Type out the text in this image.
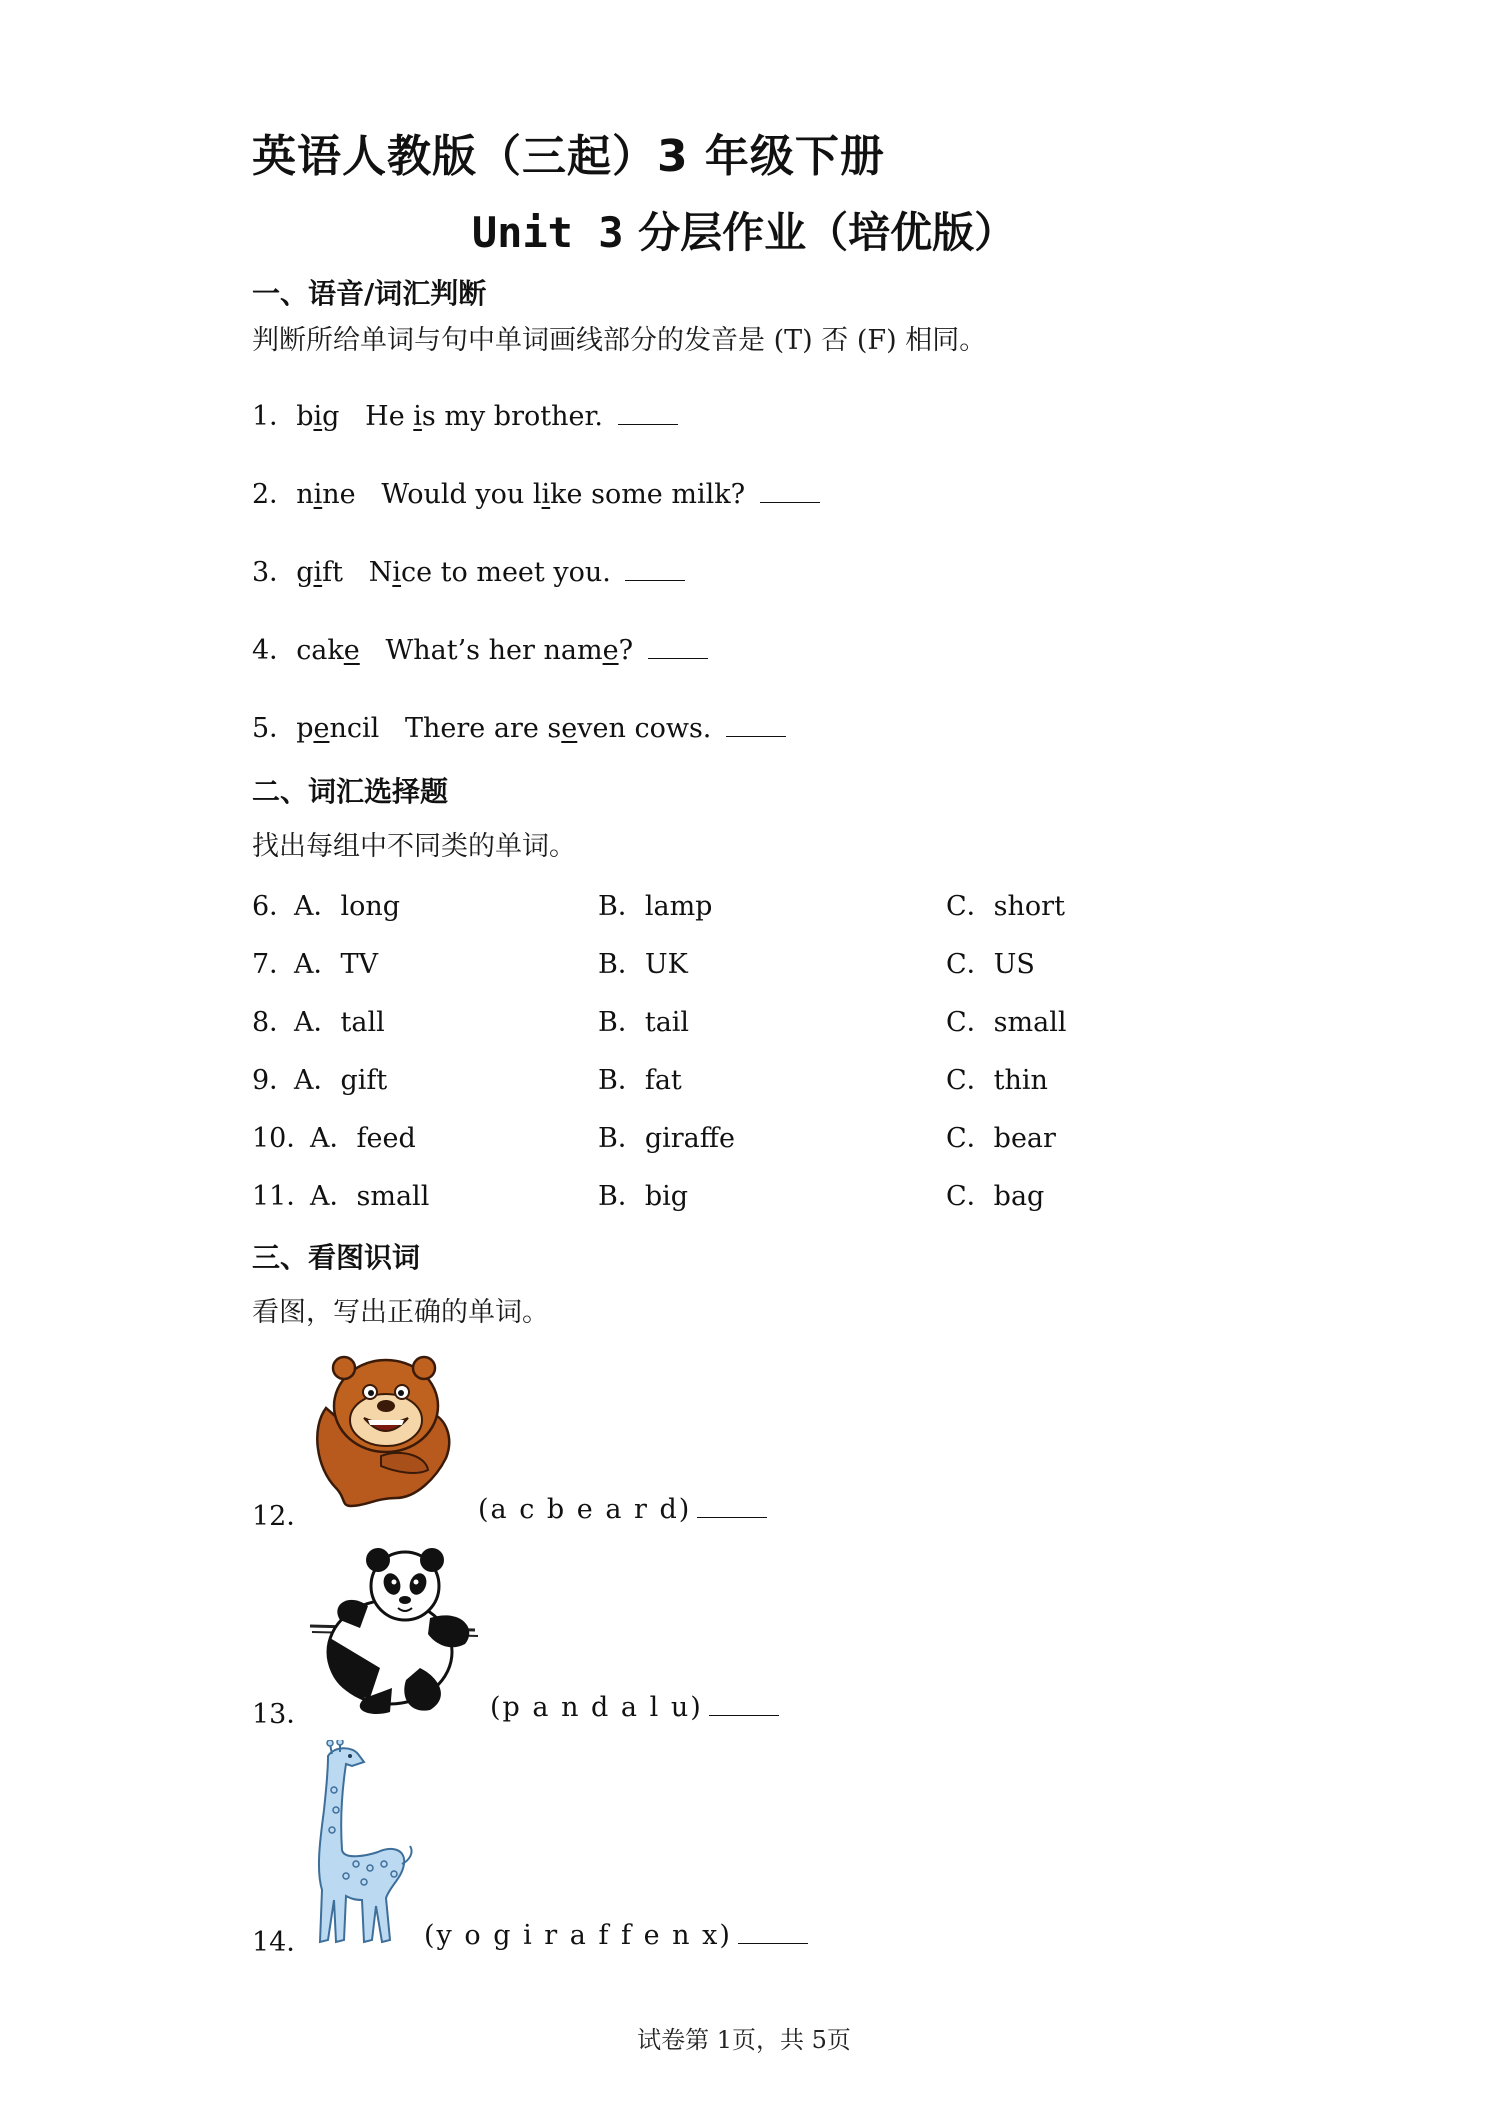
英语人教版（三起）3 年级下册
Unit 3 分层作业（培优版）
一、语音/词汇判断
判断所给单词与句中单词画线部分的发音是 (T) 否 (F) 相同。
1．big He is my brother.
2．nine Would you like some milk?
3．gift Nice to meet you.
4．cake What’s her name?
5．pencil There are seven cows.
二、词汇选择题
找出每组中不同类的单词。
6．
A．long	B．lamp	C．short
7．
A．TV	B．UK	C．US
8．
A．tall	B．tail	C．small
9．
A．gift	B．fat	C．thin
10．
A．feed	B．giraffe	C．bear
11．
A．small	B．big	C．bag
三、看图识词
看图，写出正确的单词。
12．	(a c b e a r d)
13．	(p a n d a l u)
14．	(y o g i r a f f e n x)
试卷第 1页，共 5页
